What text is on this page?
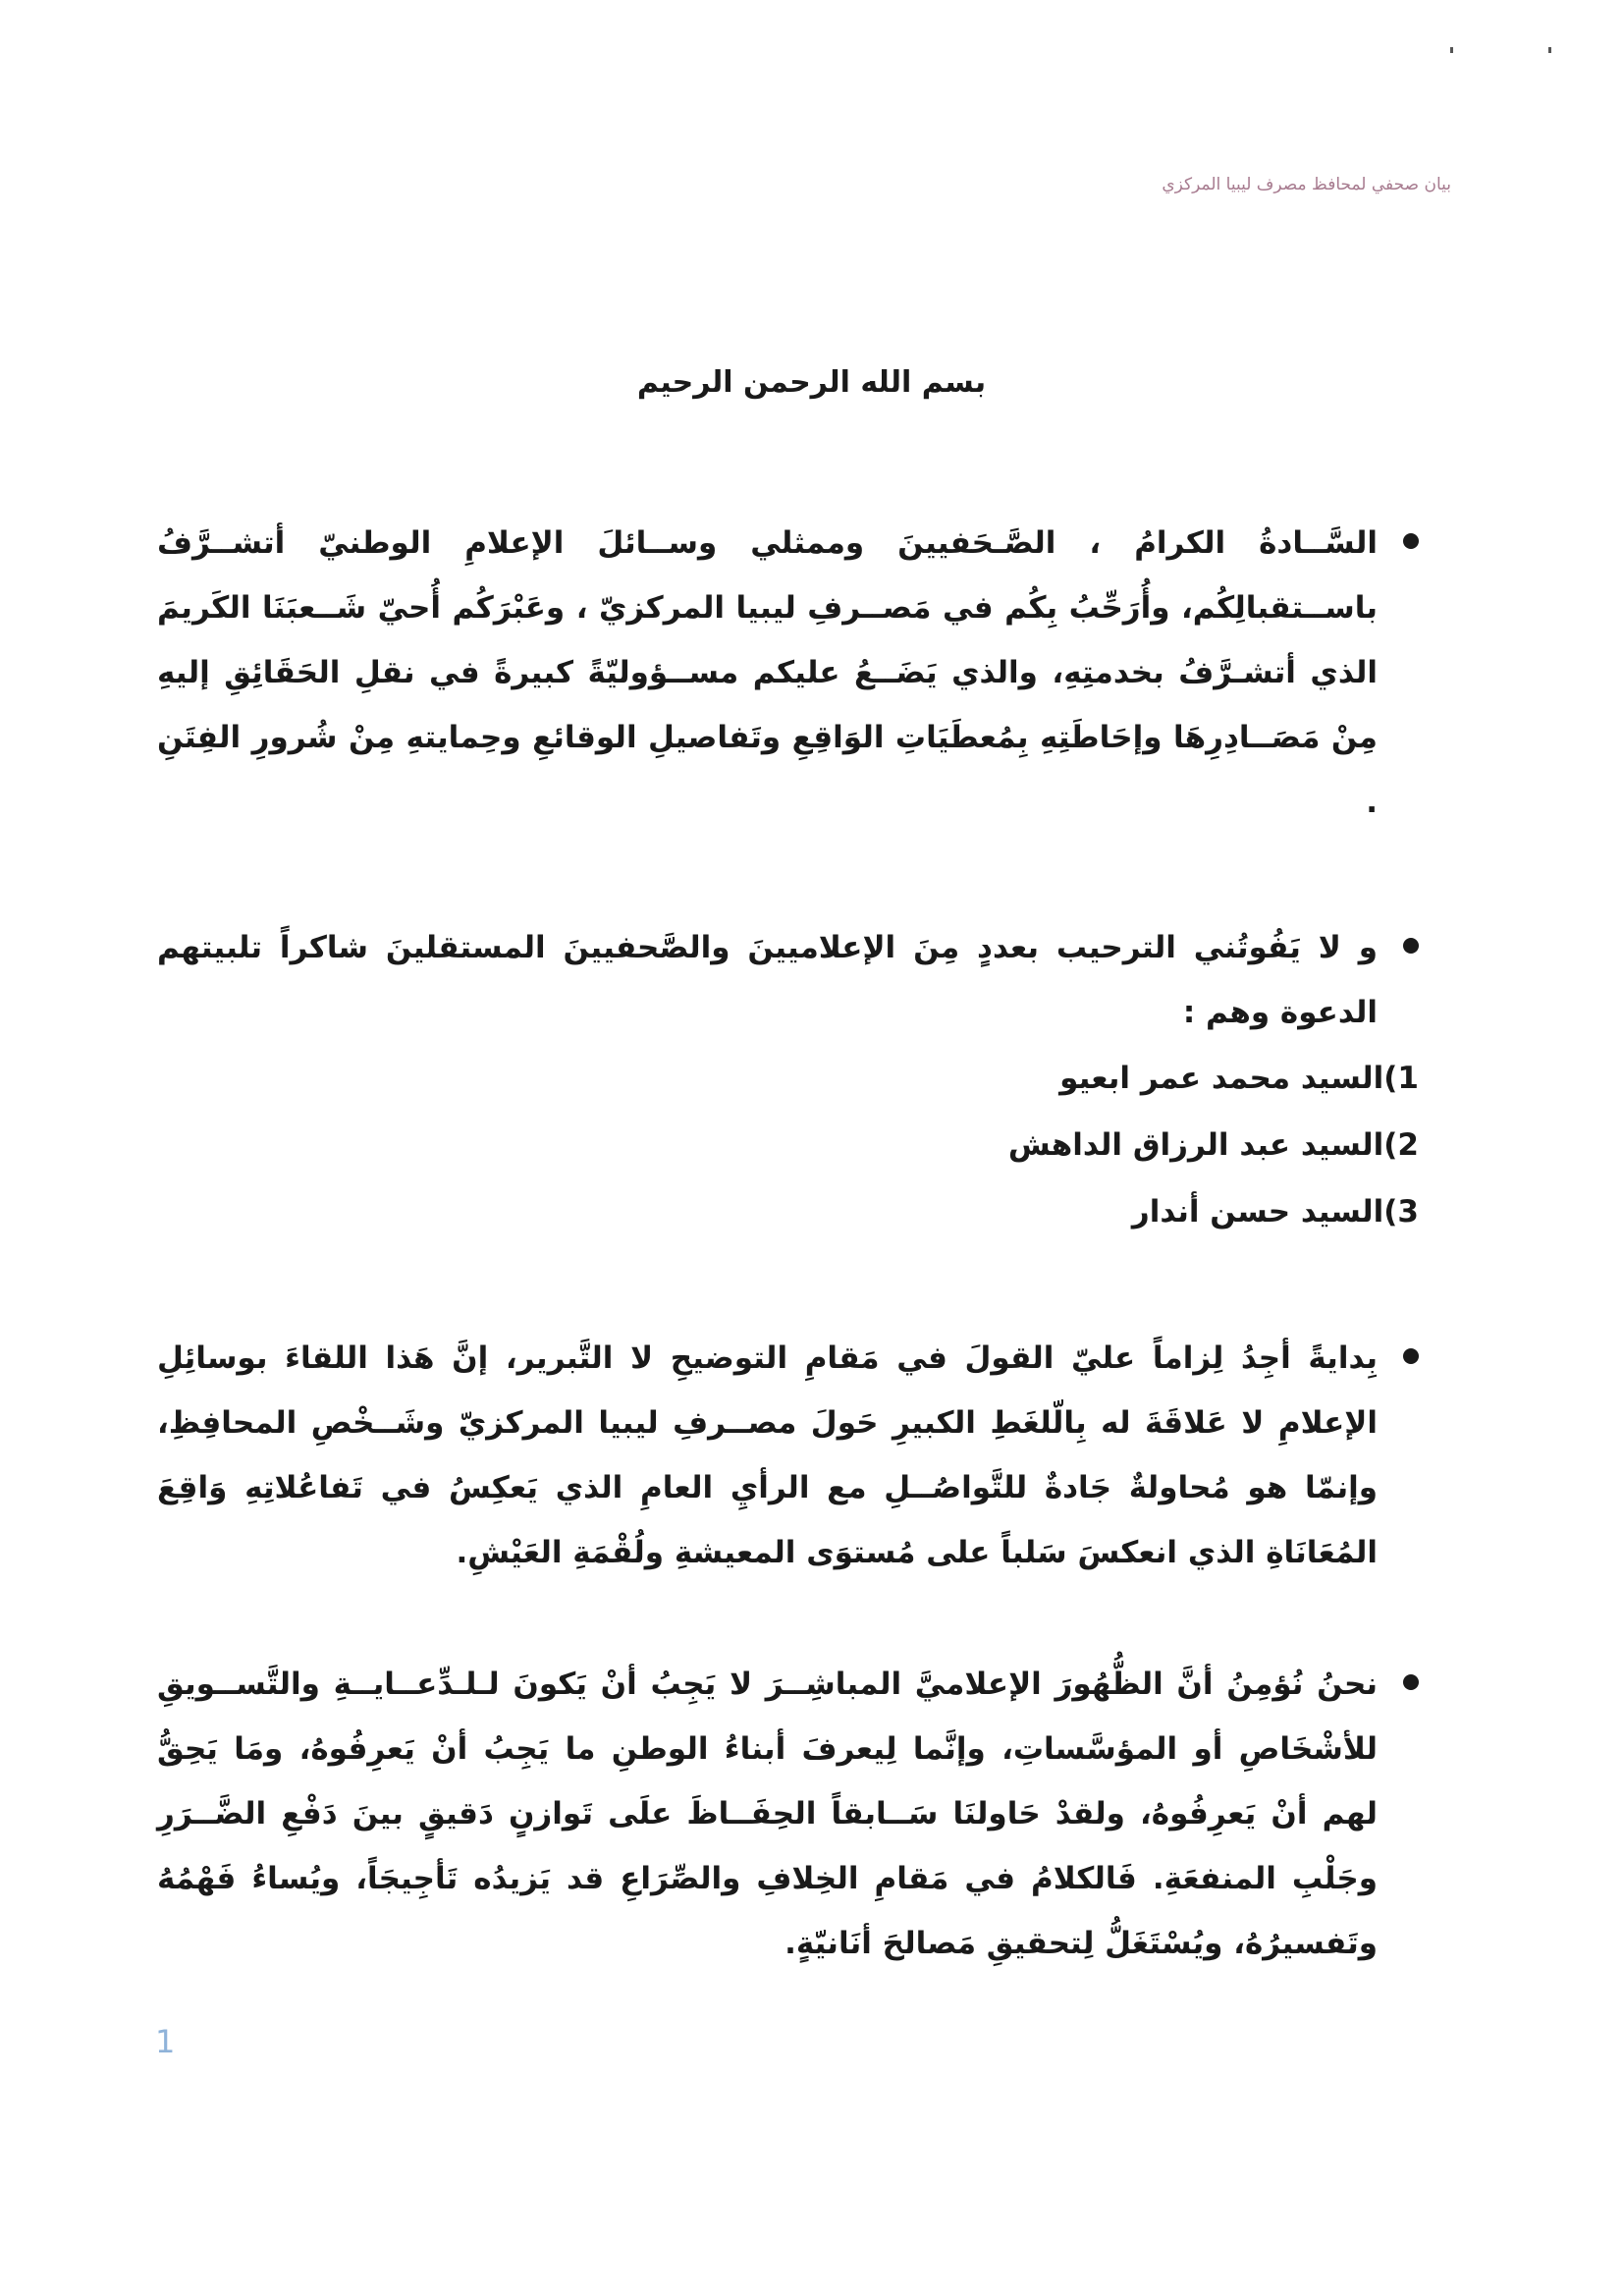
بيان صحفي لمحافظ مصرف ليبيا المركزي
بسم الله الرحمن الرحيم

السَّــادةُ الكرامُ ، الصَّـحَفيينَ وممثلي وســائلَ الإعلامِ الوطنيّ أتشــرَّفُ باســتقبالِكُم، وأُرَحِّبُ بِكُم في مَصــرفِ ليبيا المركزيّ ، وعَبْرَكُم أُحيّ شَــعبَنَا الكَريمَ الذي أتشـرَّفُ بخدمتِهِ، والذي يَضَــعُ عليكم مســؤوليّةً كبيرةً في نقلِ الحَقَائِقِ إليهِ مِنْ مَصَــادِرِهَا وإحَاطَتِهِ بِمُعطَيَاتِ الوَاقِعِ وتَفاصيلِ الوقائعِ وحِمايتهِ مِنْ شُرورِ الفِتَنِ .

و لا يَفُوتُني الترحيب بعددٍ مِنَ الإعلاميينَ والصَّحفيينَ المستقلينَ شاكراً تلبيتهم الدعوة وهم :

1)السيد محمد عمر ابعيو
2)السيد عبد الرزاق الداهش
3)السيد حسن أندار

بِدايةً أجِدُ لِزاماً عليّ القولَ في مَقامِ التوضيحِ لا التَّبرير، إنَّ هَذا اللقاءَ بوسائِلِ الإعلامِ لا عَلاقَةَ له بِالّلغَطِ الكبيرِ حَولَ مصــرفِ ليبيا المركزيّ وشَــخْصِ المحافِظِ، وإنمّا هو مُحاولةٌ جَادةٌ للتَّواصُــلِ مع الرأيِ العامِ الذي يَعكِسُ في تَفاعُلاتِهِ وَاقِعَ المُعَانَاةِ الذي انعكسَ سَلباً على مُستوَى المعيشةِ ولُقْمَةِ العَيْشِ.

نحنُ نُؤمِنُ أنَّ الظُّهُورَ الإعلاميَّ المباشِــرَ لا يَجِبُ أنْ يَكونَ لـلـدِّعــايــةِ والتَّســويقِ للأشْخَاصِ أو المؤسَّساتِ، وإنَّما لِيعرفَ أبناءُ الوطنِ ما يَجِبُ أنْ يَعرِفُوهُ، ومَا يَحِقُّ لهم أنْ يَعرِفُوهُ، ولقدْ حَاولنَا سَــابقاً الحِفَــاظَ علَى تَوازنٍ دَقيقٍ بينَ دَفْعِ الضَّــرَرِ وجَلْبِ المنفعَةِ. فَالكلامُ في مَقامِ الخِلافِ والصِّرَاعِ قد يَزيدُه تَأجِيجَاً، ويُساءُ فَهْمُهُ وتَفسيرُهُ، ويُسْتَغَلُّ لِتحقيقِ مَصالحَ أنَانيّةٍ.

1
